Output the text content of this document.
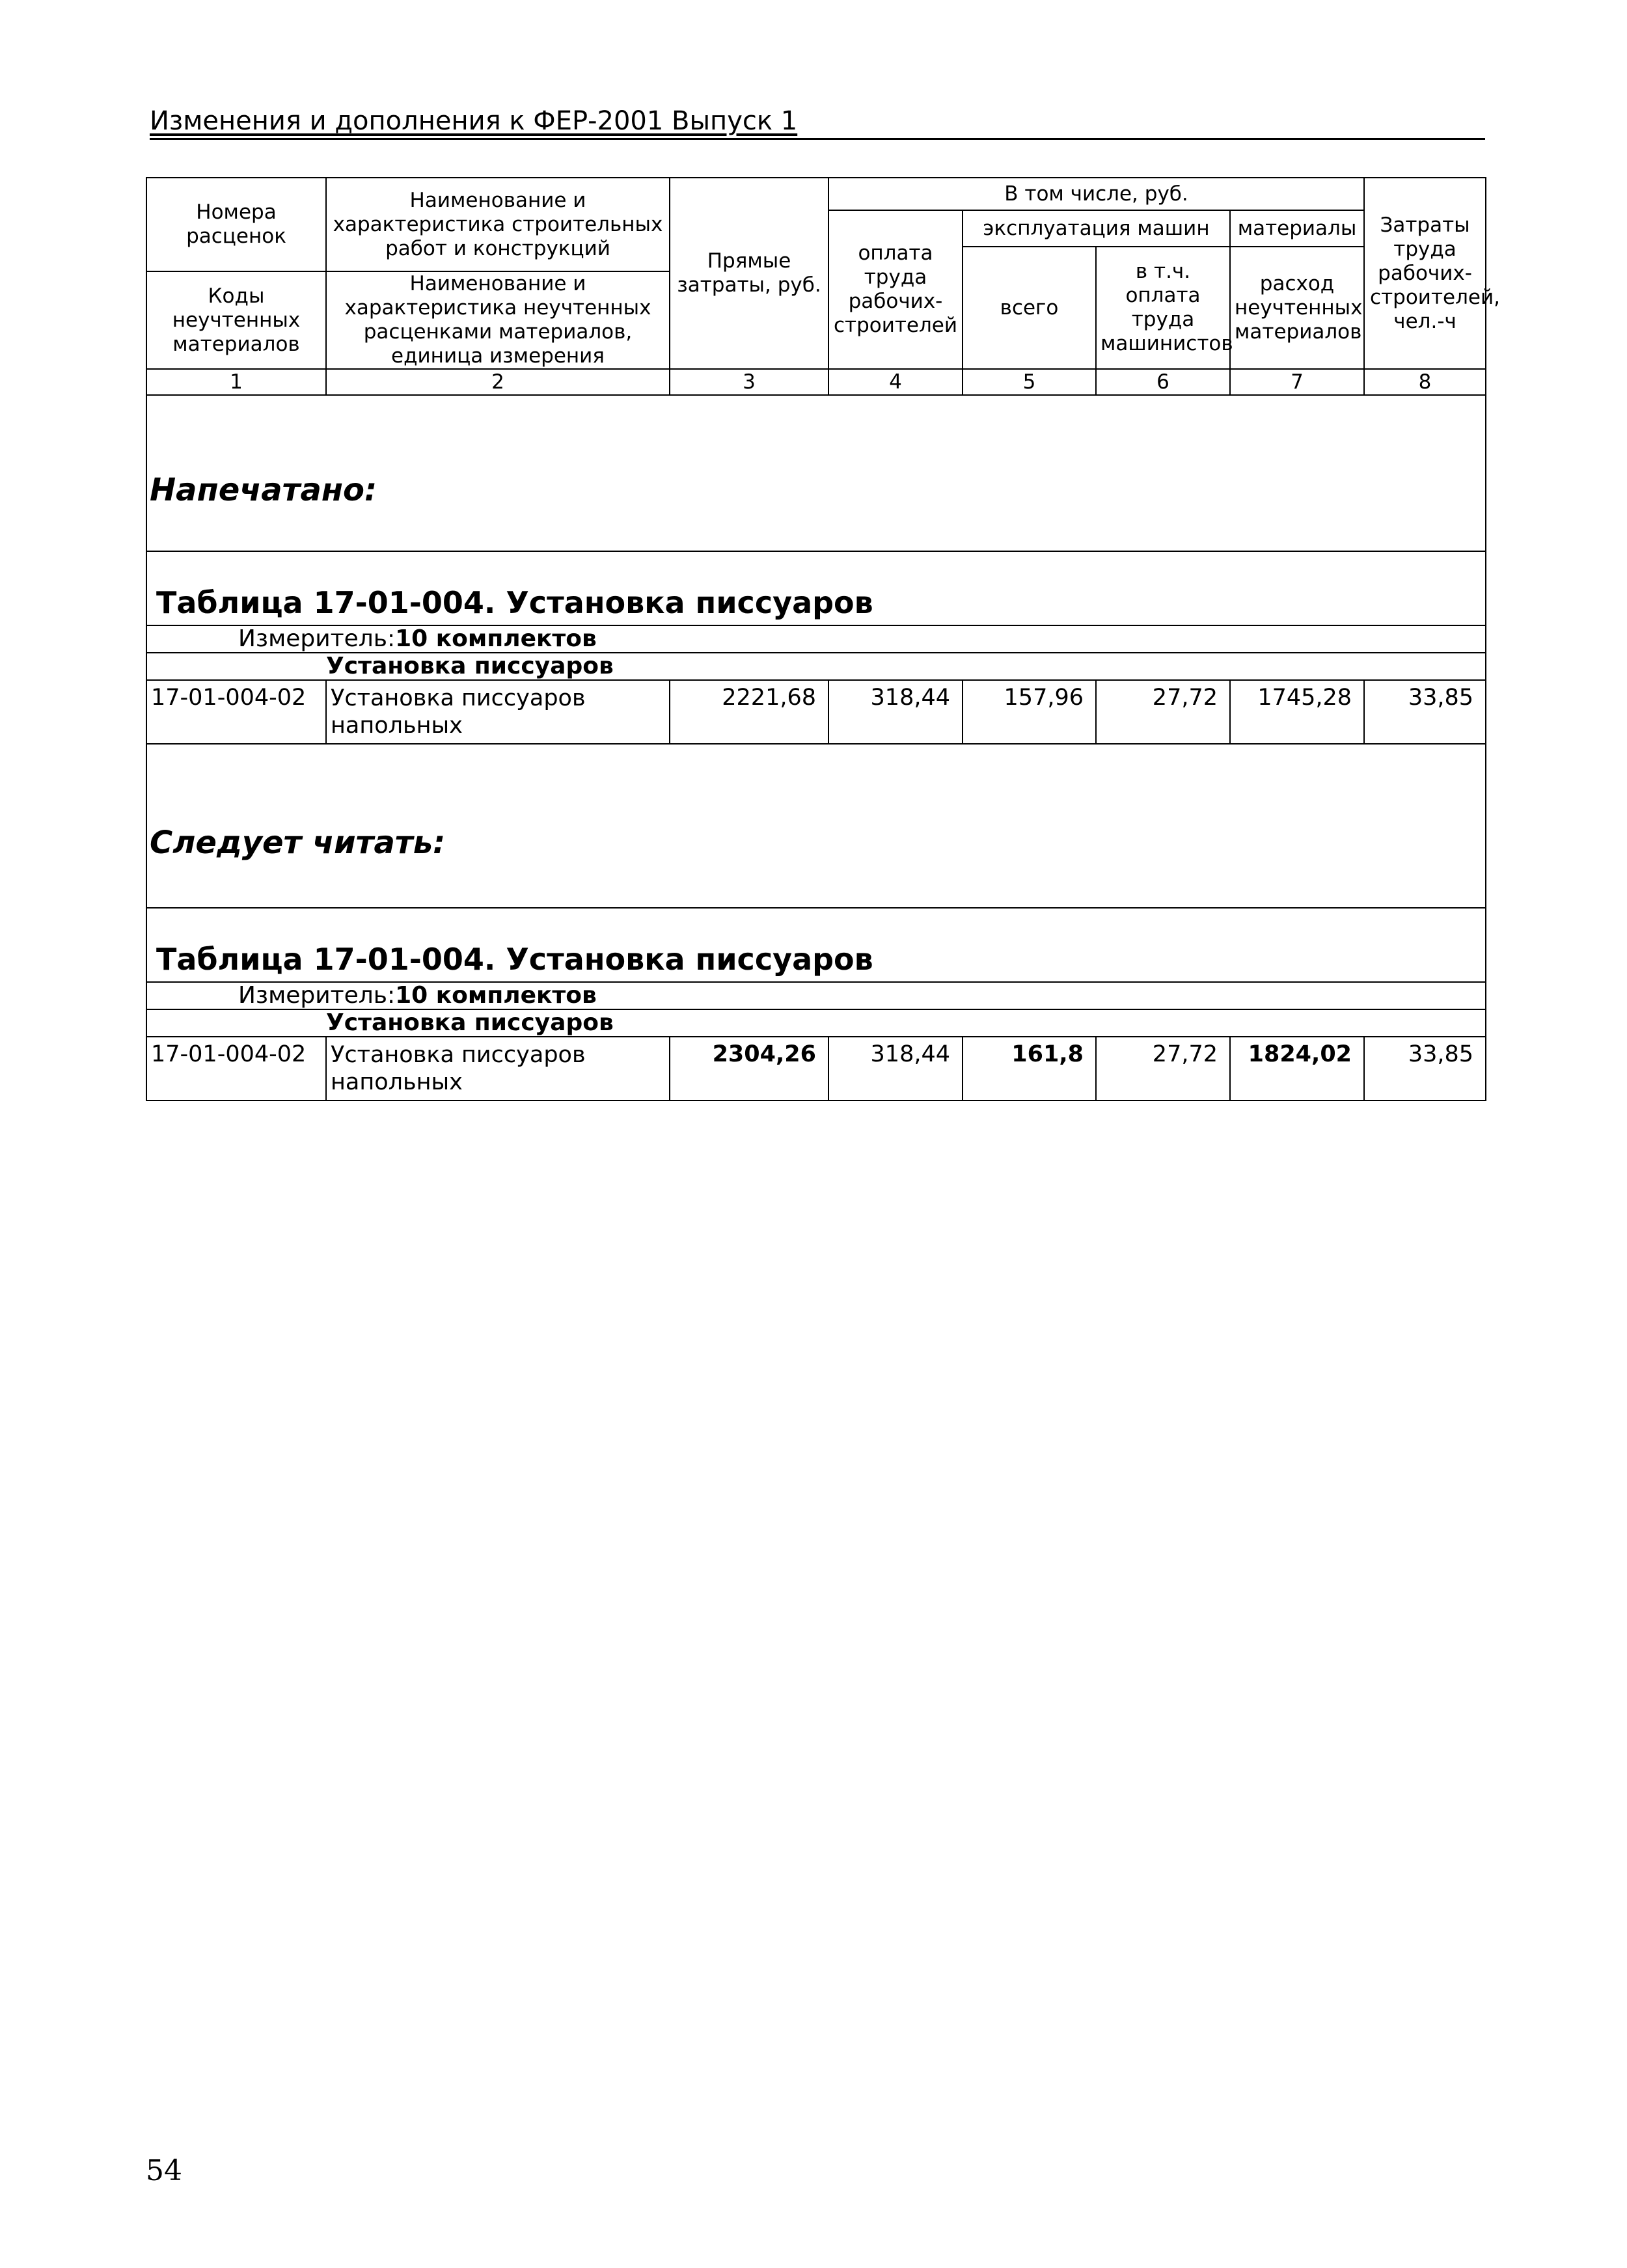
Изменения и дополнения к ФЕР-2001 Выпуск 1
Номера расценок	Наименование и характеристика строительных работ и конструкций	Прямые затраты, руб.	В том числе, руб.				Затраты труда рабочих-строителей, чел.-ч
			оплата труда рабочих-строителей	эксплуатация машин		материалы	
				всего	в т.ч. оплата труда машинистов	расход неучтенных материалов	
Коды неучтенных материалов	Наименование и характеристика неучтенных расценками материалов, единица измерения						

1	2	3	4	5	6	7	8

Напечатано:							

Таблица 17-01-004. Установка писсуаров							
Измеритель:10 комплектов							
Установка писсуаров							
17-01-004-02	Установка писсуаров напольных	2221,68	318,44	157,96	27,72	1745,28	33,85

Следует читать:							

Таблица 17-01-004. Установка писсуаров							
Измеритель:10 комплектов							
Установка писсуаров							
17-01-004-02	Установка писсуаров напольных	2304,26	318,44	161,8	27,72	1824,02	33,85
54
